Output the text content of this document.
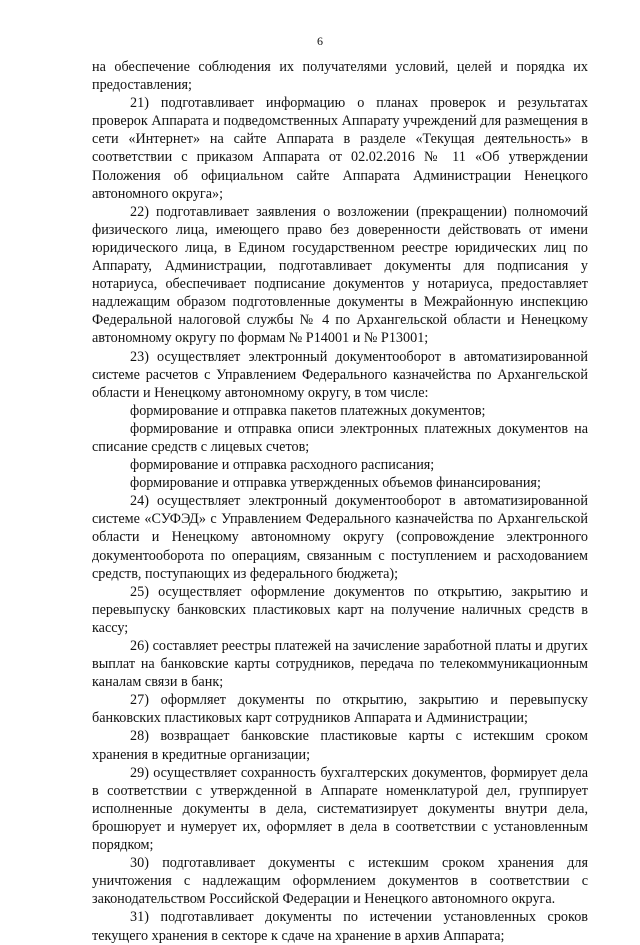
6

на обеспечение соблюдения их получателями условий, целей и порядка их предоставления;

21) подготавливает информацию о планах проверок и результатах проверок Аппарата и подведомственных Аппарату учреждений для размещения в сети «Интернет» на сайте Аппарата в разделе «Текущая деятельность» в соответствии с приказом Аппарата от 02.02.2016 № 11 «Об утверждении Положения об официальном сайте Аппарата Администрации Ненецкого автономного округа»;

22) подготавливает заявления о возложении (прекращении) полномочий физического лица, имеющего право без доверенности действовать от имени юридического лица, в Едином государственном реестре юридических лиц по Аппарату, Администрации, подготавливает документы для подписания у нотариуса, обеспечивает подписание документов у нотариуса, предоставляет надлежащим образом подготовленные документы в Межрайонную инспекцию Федеральной налоговой службы № 4 по Архангельской области и Ненецкому автономному округу по формам № Р14001 и № Р13001;

23) осуществляет электронный документооборот в автоматизированной системе расчетов с Управлением Федерального казначейства по Архангельской области и Ненецкому автономному округу, в том числе:

формирование и отправка пакетов платежных документов;

формирование и отправка описи электронных платежных документов на списание средств с лицевых счетов;

формирование и отправка расходного расписания;

формирование и отправка утвержденных объемов финансирования;

24) осуществляет электронный документооборот в автоматизированной системе «СУФЭД» с Управлением Федерального казначейства по Архангельской области и Ненецкому автономному округу (сопровождение электронного документооборота по операциям, связанным с поступлением и расходованием средств, поступающих из федерального бюджета);

25) осуществляет оформление документов по открытию, закрытию и перевыпуску банковских пластиковых карт на получение наличных средств в кассу;

26) составляет реестры платежей на зачисление заработной платы и других выплат на банковские карты сотрудников, передача по телекоммуникационным каналам связи в банк;

27) оформляет документы по открытию, закрытию и перевыпуску банковских пластиковых карт сотрудников Аппарата и Администрации;

28) возвращает банковские пластиковые карты с истекшим сроком хранения в кредитные организации;

29) осуществляет сохранность бухгалтерских документов, формирует дела в соответствии с утвержденной в Аппарате номенклатурой дел, группирует исполненные документы в дела, систематизирует документы внутри дела, брошюрует и нумерует их, оформляет в дела в соответствии с установленным порядком;

30) подготавливает документы с истекшим сроком хранения для уничтожения с надлежащим оформлением документов в соответствии с законодательством Российской Федерации и Ненецкого автономного округа.

31) подготавливает документы по истечении установленных сроков текущего хранения в секторе к сдаче на хранение в архив Аппарата;
